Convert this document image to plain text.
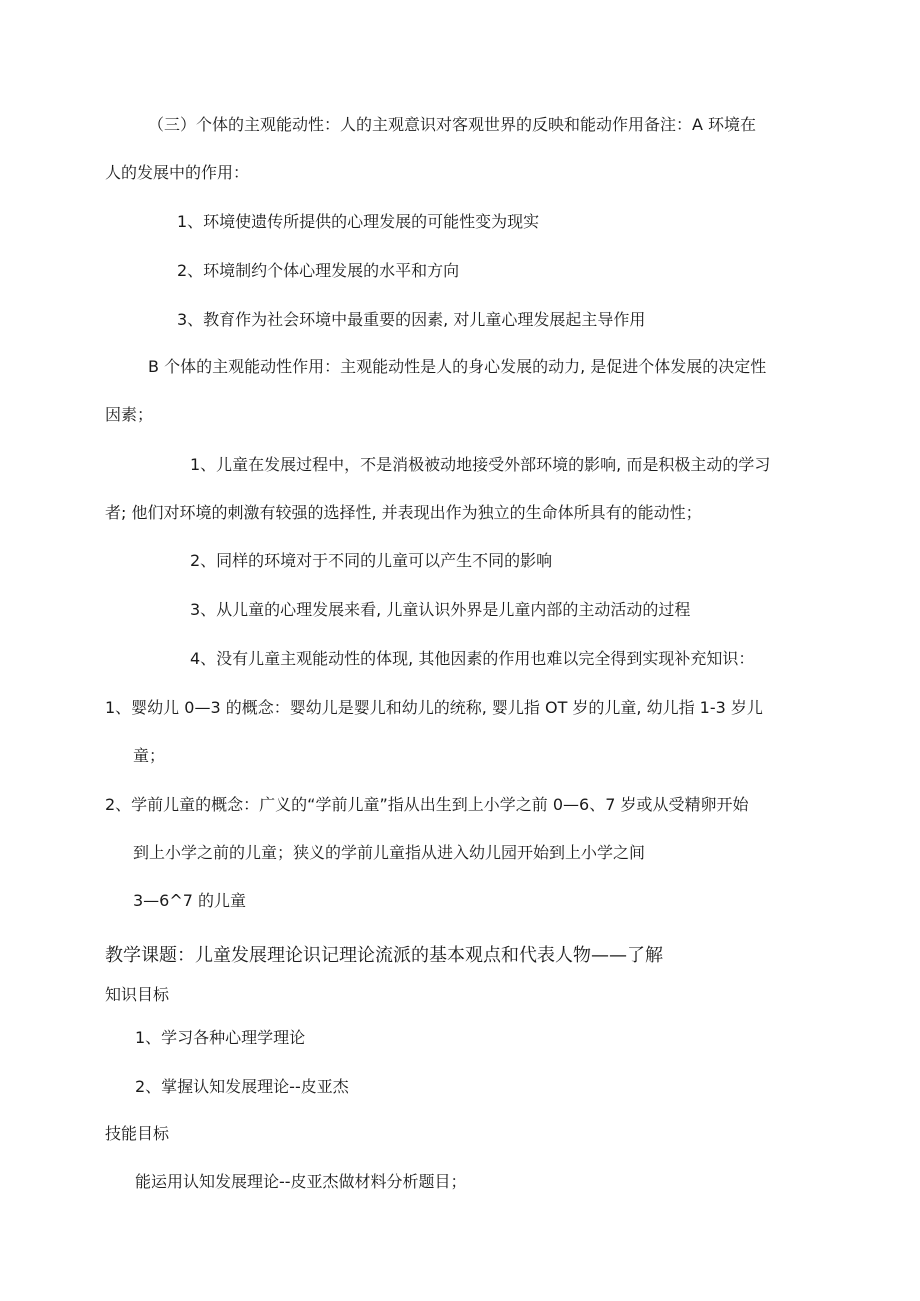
（三）个体的主观能动性：人的主观意识对客观世界的反映和能动作用备注：A 环境在

人的发展中的作用：

1、环境使遗传所提供的心理发展的可能性变为现实

2、环境制约个体心理发展的水平和方向

3、教育作为社会环境中最重要的因素, 对儿童心理发展起主导作用

B 个体的主观能动性作用：主观能动性是人的身心发展的动力, 是促进个体发展的决定性

因素；

1、儿童在发展过程中，不是消极被动地接受外部环境的影响, 而是积极主动的学习

者; 他们对环境的刺激有较强的选择性, 并表现出作为独立的生命体所具有的能动性；

2、同样的环境对于不同的儿童可以产生不同的影响

3、从儿童的心理发展来看, 儿童认识外界是儿童内部的主动活动的过程

4、没有儿童主观能动性的体现, 其他因素的作用也难以完全得到实现补充知识：

1、婴幼儿 0—3 的概念：婴幼儿是婴儿和幼儿的统称, 婴儿指 OT 岁的儿童, 幼儿指 1-3 岁儿

童；

2、学前儿童的概念：广义的“学前儿童”指从出生到上小学之前 0—6、7 岁或从受精卵开始

到上小学之前的儿童；狭义的学前儿童指从进入幼儿园开始到上小学之间

3—6^7 的儿童

教学课题：儿童发展理论识记理论流派的基本观点和代表人物——了解

知识目标

1、学习各种心理学理论

2、掌握认知发展理论--皮亚杰

技能目标

能运用认知发展理论--皮亚杰做材料分析题目；
